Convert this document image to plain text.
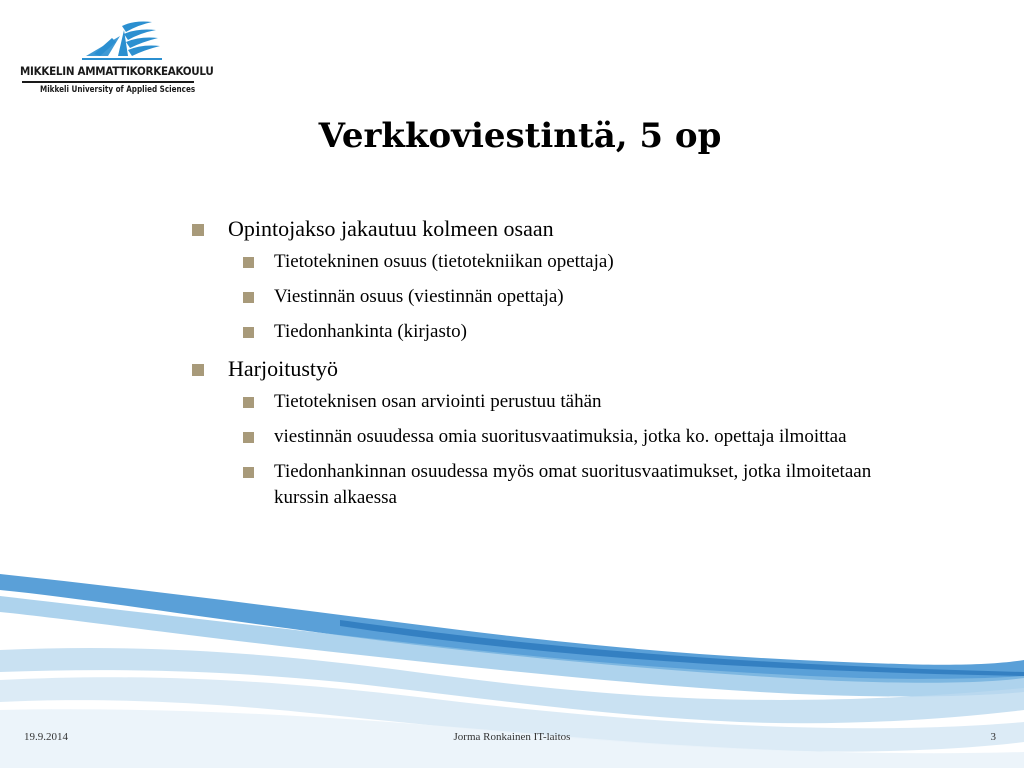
MIKKELIN AMMATTIKORKEAKOULU
Mikkeli University of Applied Sciences
Verkkoviestintä, 5 op
Opintojakso jakautuu kolmeen osaan
Tietotekninen osuus (tietotekniikan opettaja)
Viestinnän osuus (viestinnän opettaja)
Tiedonhankinta (kirjasto)
Harjoitustyö
Tietoteknisen osan arviointi perustuu tähän
viestinnän osuudessa omia suoritusvaatimuksia, jotka ko. opettaja ilmoittaa
Tiedonhankinnan osuudessa myös omat suoritusvaatimukset, jotka ilmoitetaan kurssin alkaessa
19.9.2014	Jorma Ronkainen IT-laitos	3
